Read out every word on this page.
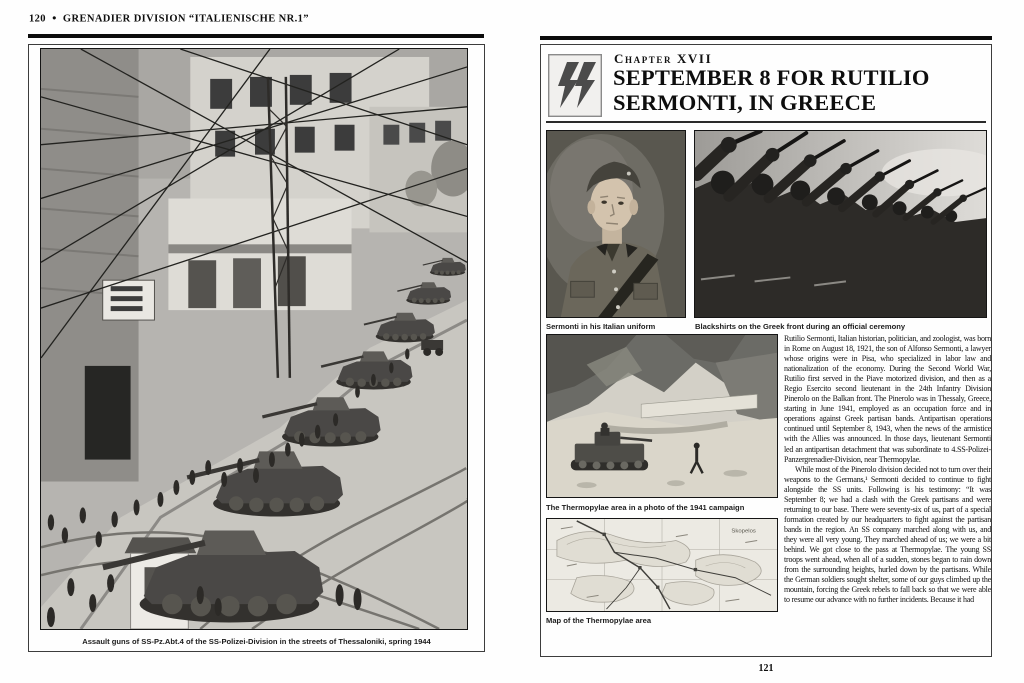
120 ● GRENADIER DIVISION “ITALIENISCHE NR.1”
Assault guns of SS-Pz.Abt.4 of the SS-Polizei-Division in the streets of Thessaloniki, spring 1944
Chapter XVII
SEPTEMBER 8 FOR RUTILIO
SERMONTI, IN GREECE
Sermonti in his Italian uniform	Blackshirts on the Greek front during an official ceremony
The Thermopylae area in a photo of the 1941 campaign
Skopelos
Map of the Thermopylae area

Rutilio Sermonti, Italian historian, politician, and zoologist, was born in Rome on August 18, 1921, the son of Alfonso Sermonti, a lawyer whose origins were in Pisa, who specialized in labor law and nationalization of the economy. During the Second World War, Rutilio first served in the Piave motorized division, and then as a Regio Esercito second lieutenant in the 24th Infantry Division Pinerolo on the Balkan front. The Pinerolo was in Thessaly, Greece, starting in June 1941, employed as an occupation force and in operations against Greek partisan bands. Antipartisan operations continued until September 8, 1943, when the news of the armistice with the Allies was announced. In those days, lieutenant Sermonti led an antipartisan detachment that was subordinate to 4.SS-Polizei-Panzergrenadier-Division, near Thermopylae.

While most of the Pinerolo division decided not to turn over their weapons to the Germans,¹ Sermonti decided to continue to fight alongside the SS units. Following is his testimony: “It was September 8; we had a clash with the Greek partisans and were returning to our base. There were seventy-six of us, part of a special formation created by our headquarters to fight against the partisan bands in the region. An SS company marched along with us, and they were all very young. They marched ahead of us; we were a bit behind. We got close to the pass at Thermopylae. The young SS troops went ahead, when all of a sudden, stones began to rain down from the surrounding heights, hurled down by the partisans. While the German soldiers sought shelter, some of our guys climbed up the mountain, forcing the Greek rebels to fall back so that we were able to resume our advance with no further incidents. Because it had

121
